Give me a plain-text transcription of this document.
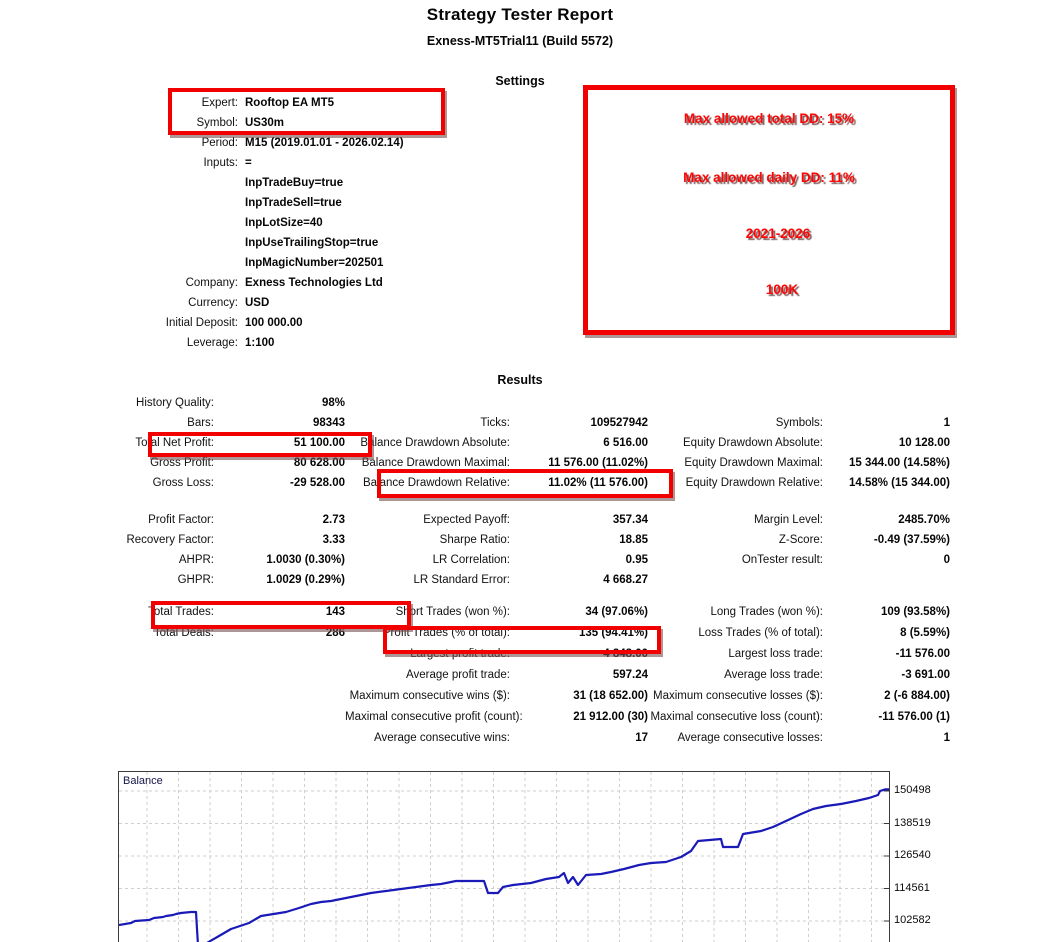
Strategy Tester Report
Exness-MT5Trial11 (Build 5572)
Settings
Expert: Rooftop EA MT5
Symbol: US30m
Period: M15 (2019.01.01 - 2026.02.14)
Inputs: =
InpTradeBuy=true
InpTradeSell=true
InpLotSize=40
InpUseTrailingStop=true
InpMagicNumber=202501
Company: Exness Technologies Ltd
Currency: USD
Initial Deposit: 100 000.00
Leverage: 1:100
Results
History Quality:	98%
Bars:	98343	Ticks:	109527942	Symbols:	1
Total Net Profit:	51 100.00	Balance Drawdown Absolute:	6 516.00	Equity Drawdown Absolute:	10 128.00
Gross Profit:	80 628.00	Balance Drawdown Maximal:	11 576.00 (11.02%)	Equity Drawdown Maximal:	15 344.00 (14.58%)
Gross Loss:	-29 528.00	Balance Drawdown Relative:	11.02% (11 576.00)	Equity Drawdown Relative:	14.58% (15 344.00)
Profit Factor:	2.73	Expected Payoff:	357.34	Margin Level:	2485.70%
Recovery Factor:	3.33	Sharpe Ratio:	18.85	Z-Score:	-0.49 (37.59%)
AHPR:	1.0030 (0.30%)	LR Correlation:	0.95	OnTester result:	0
GHPR:	1.0029 (0.29%)	LR Standard Error:	4 668.27
Total Trades:	143	Short Trades (won %):	34 (97.06%)	Long Trades (won %):	109 (93.58%)
Total Deals:	286	Profit Trades (% of total):	135 (94.41%)	Loss Trades (% of total):	8 (5.59%)
Largest profit trade:	4 848.00	Largest loss trade:	-11 576.00
Average profit trade:	597.24	Average loss trade:	-3 691.00
Maximum consecutive wins ($):	31 (18 652.00) Maximum consecutive losses ($):	2 (-6 884.00)
Maximal consecutive profit (count):	21 912.00 (30) Maximal consecutive loss (count):	-11 576.00 (1)
Average consecutive wins:	17	Average consecutive losses:	1
Max allowed total DD: 15%
Max allowed daily DD: 11%
2021-2026
100K
Balance
150498
138519
126540
114561
102582
